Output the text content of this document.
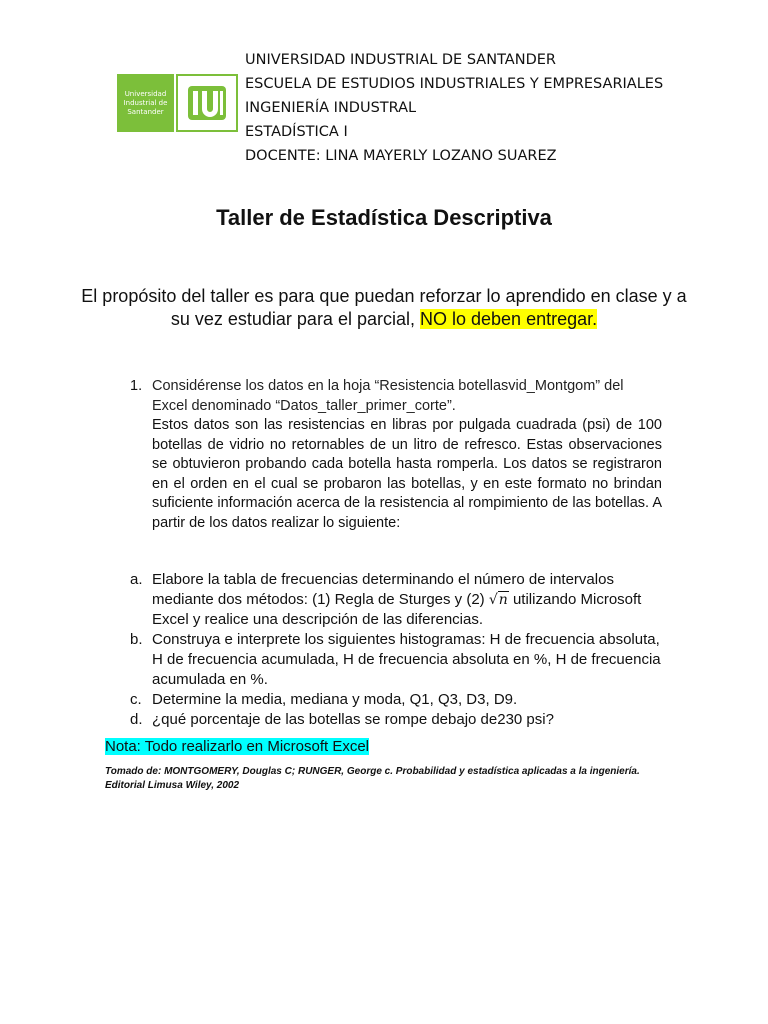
Universidad Industrial de Santander
UNIVERSIDAD INDUSTRIAL DE SANTANDER
ESCUELA DE ESTUDIOS INDUSTRIALES Y EMPRESARIALES
INGENIERÍA INDUSTRAL
ESTADÍSTICA I
DOCENTE: LINA MAYERLY LOZANO SUAREZ
Taller de Estadística Descriptiva
El propósito del taller es para que puedan reforzar lo aprendido en clase y a su vez estudiar para el parcial, NO lo deben entregar.
1. Considérense los datos en la hoja “Resistencia botellasvid_Montgom” del Excel denominado “Datos_taller_primer_corte”.
Estos datos son las resistencias en libras por pulgada cuadrada (psi) de 100 botellas de vidrio no retornables de un litro de refresco. Estas observaciones se obtuvieron probando cada botella hasta romperla. Los datos se registraron en el orden en el cual se probaron las botellas, y en este formato no brindan suficiente información acerca de la resistencia al rompimiento de las botellas. A partir de los datos realizar lo siguiente:
a. Elabore la tabla de frecuencias determinando el número de intervalos mediante dos métodos: (1) Regla de Sturges y (2) √n utilizando Microsoft Excel y realice una descripción de las diferencias.
b. Construya e interprete los siguientes histogramas: H de frecuencia absoluta, H de frecuencia acumulada, H de frecuencia absoluta en %, H de frecuencia acumulada en %.
c. Determine la media, mediana y moda, Q1, Q3, D3, D9.
d. ¿qué porcentaje de las botellas se rompe debajo de230 psi?
Nota: Todo realizarlo en Microsoft Excel
Tomado de: MONTGOMERY, Douglas C; RUNGER, George c. Probabilidad y estadística aplicadas a la ingeniería.
Editorial Limusa Wiley, 2002
